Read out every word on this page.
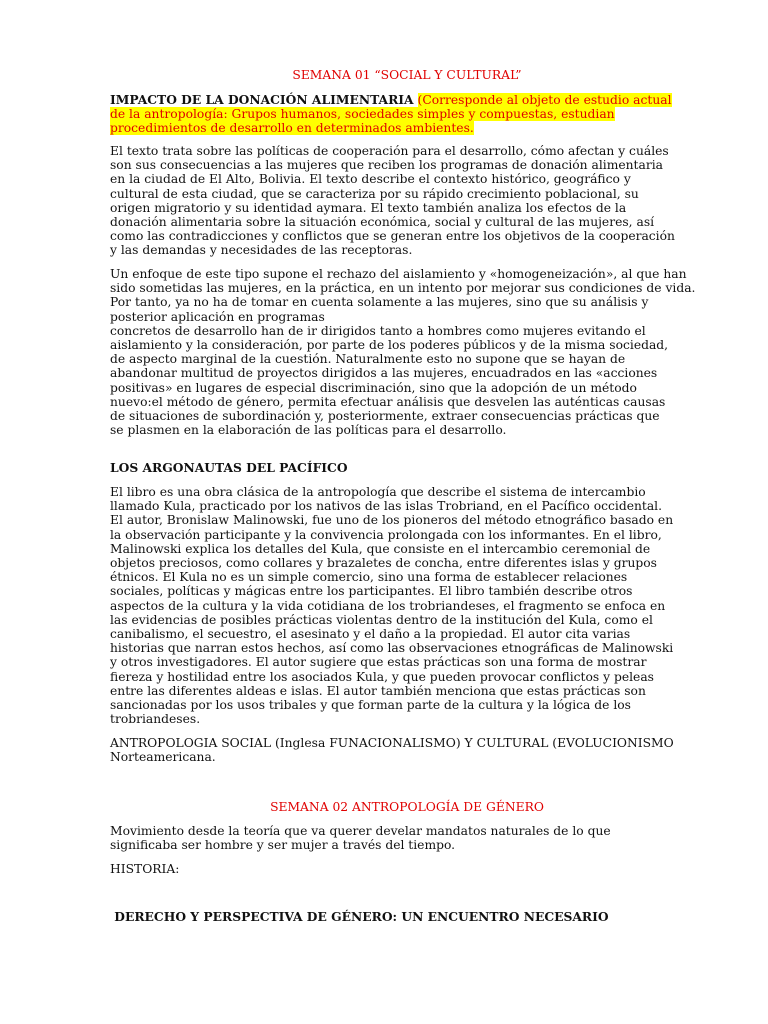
SEMANA 01 “SOCIAL Y CULTURAL”
IMPACTO DE LA DONACIÓN ALIMENTARIA (Corresponde al objeto de estudio actual
de la antropología: Grupos humanos, sociedades simples y compuestas, estudian
procedimientos de desarrollo en determinados ambientes.
El texto trata sobre las políticas de cooperación para el desarrollo, cómo afectan y cuáles
son sus consecuencias a las mujeres que reciben los programas de donación alimentaria
en la ciudad de El Alto, Bolivia. El texto describe el contexto histórico, geográfico y
cultural de esta ciudad, que se caracteriza por su rápido crecimiento poblacional, su
origen migratorio y su identidad aymara. El texto también analiza los efectos de la
donación alimentaria sobre la situación económica, social y cultural de las mujeres, así
como las contradicciones y conflictos que se generan entre los objetivos de la cooperación
y las demandas y necesidades de las receptoras.
Un enfoque de este tipo supone el rechazo del aislamiento y «homogeneización», al que han
sido sometidas las mujeres, en la práctica, en un intento por mejorar sus condiciones de vida.
Por tanto, ya no ha de tomar en cuenta solamente a las mujeres, sino que su análisis y
posterior aplicación en programas
concretos de desarrollo han de ir dirigidos tanto a hombres como mujeres evitando el
aislamiento y la consideración, por parte de los poderes públicos y de la misma sociedad,
de aspecto marginal de la cuestión. Naturalmente esto no supone que se hayan de
abandonar multitud de proyectos dirigidos a las mujeres, encuadrados en las «acciones
positivas» en lugares de especial discriminación, sino que la adopción de un método
nuevo:el método de género, permita efectuar análisis que desvelen las auténticas causas
de situaciones de subordinación y, posteriormente, extraer consecuencias prácticas que
se plasmen en la elaboración de las políticas para el desarrollo.
LOS ARGONAUTAS DEL PACÍFICO
El libro es una obra clásica de la antropología que describe el sistema de intercambio
llamado Kula, practicado por los nativos de las islas Trobriand, en el Pacífico occidental.
El autor, Bronislaw Malinowski, fue uno de los pioneros del método etnográfico basado en
la observación participante y la convivencia prolongada con los informantes. En el libro,
Malinowski explica los detalles del Kula, que consiste en el intercambio ceremonial de
objetos preciosos, como collares y brazaletes de concha, entre diferentes islas y grupos
étnicos. El Kula no es un simple comercio, sino una forma de establecer relaciones
sociales, políticas y mágicas entre los participantes. El libro también describe otros
aspectos de la cultura y la vida cotidiana de los trobriandeses, el fragmento se enfoca en
las evidencias de posibles prácticas violentas dentro de la institución del Kula, como el
canibalismo, el secuestro, el asesinato y el daño a la propiedad. El autor cita varias
historias que narran estos hechos, así como las observaciones etnográficas de Malinowski
y otros investigadores. El autor sugiere que estas prácticas son una forma de mostrar
fiereza y hostilidad entre los asociados Kula, y que pueden provocar conflictos y peleas
entre las diferentes aldeas e islas. El autor también menciona que estas prácticas son
sancionadas por los usos tribales y que forman parte de la cultura y la lógica de los
trobriandeses.
ANTROPOLOGIA SOCIAL (Inglesa FUNACIONALISMO) Y CULTURAL (EVOLUCIONISMO
Norteamericana.
SEMANA 02 ANTROPOLOGÍA DE GÉNERO
Movimiento desde la teoría que va querer develar mandatos naturales de lo que
significaba ser hombre y ser mujer a través del tiempo.
HISTORIA:
DERECHO Y PERSPECTIVA DE GÉNERO: UN ENCUENTRO NECESARIO
